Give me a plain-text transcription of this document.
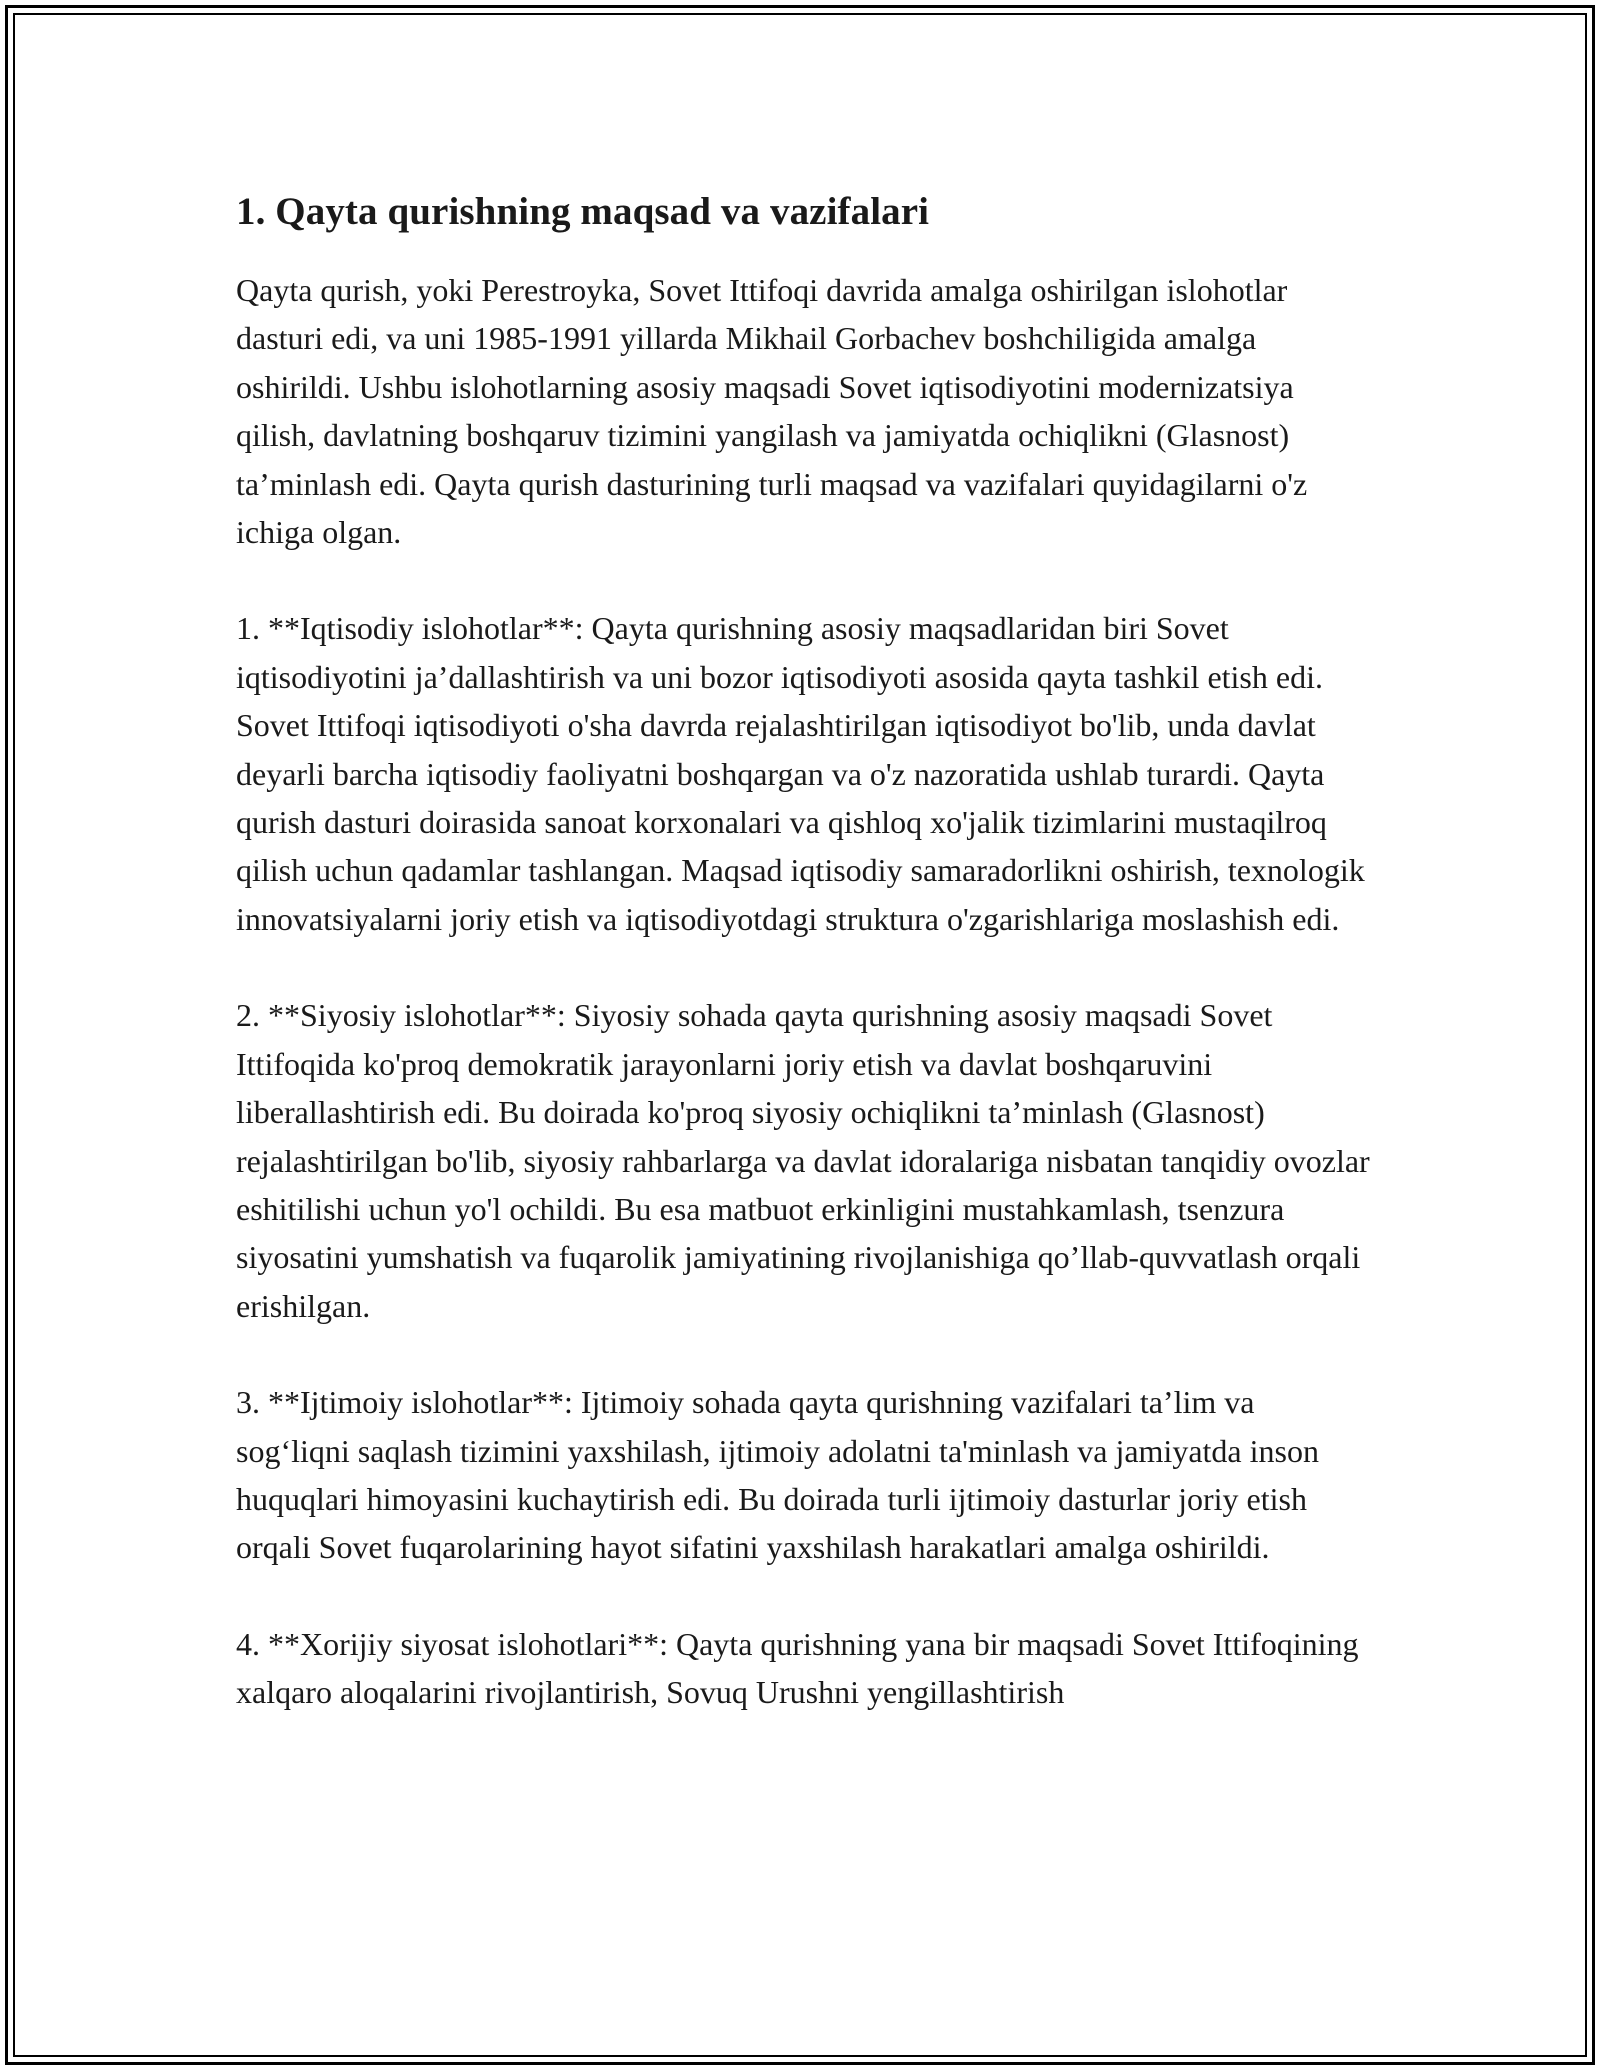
1. Qayta qurishning maqsad va vazifalari

Qayta qurish, yoki Perestroyka, Sovet Ittifoqi davrida amalga oshirilgan islohotlar dasturi edi, va uni 1985-1991 yillarda Mikhail Gorbachev boshchiligida amalga oshirildi. Ushbu islohotlarning asosiy maqsadi Sovet iqtisodiyotini modernizatsiya qilish, davlatning boshqaruv tizimini yangilash va jamiyatda ochiqlikni (Glasnost) ta’minlash edi. Qayta qurish dasturining turli maqsad va vazifalari quyidagilarni o'z ichiga olgan.

1. **Iqtisodiy islohotlar**: Qayta qurishning asosiy maqsadlaridan biri Sovet iqtisodiyotini ja’dallashtirish va uni bozor iqtisodiyoti asosida qayta tashkil etish edi. Sovet Ittifoqi iqtisodiyoti o'sha davrda rejalashtirilgan iqtisodiyot bo'lib, unda davlat deyarli barcha iqtisodiy faoliyatni boshqargan va o'z nazoratida ushlab turardi. Qayta qurish dasturi doirasida sanoat korxonalari va qishloq xo'jalik tizimlarini mustaqilroq qilish uchun qadamlar tashlangan. Maqsad iqtisodiy samaradorlikni oshirish, texnologik innovatsiyalarni joriy etish va iqtisodiyotdagi struktura o'zgarishlariga moslashish edi.

2. **Siyosiy islohotlar**: Siyosiy sohada qayta qurishning asosiy maqsadi Sovet Ittifoqida ko'proq demokratik jarayonlarni joriy etish va davlat boshqaruvini liberallashtirish edi. Bu doirada ko'proq siyosiy ochiqlikni ta’minlash (Glasnost) rejalashtirilgan bo'lib, siyosiy rahbarlarga va davlat idoralariga nisbatan tanqidiy ovozlar eshitilishi uchun yo'l ochildi. Bu esa matbuot erkinligini mustahkamlash, tsenzura siyosatini yumshatish va fuqarolik jamiyatining rivojlanishiga qo’llab-quvvatlash orqali erishilgan.

3. **Ijtimoiy islohotlar**: Ijtimoiy sohada qayta qurishning vazifalari ta’lim va sog‘liqni saqlash tizimini yaxshilash, ijtimoiy adolatni ta'minlash va jamiyatda inson huquqlari himoyasini kuchaytirish edi. Bu doirada turli ijtimoiy dasturlar joriy etish orqali Sovet fuqarolarining hayot sifatini yaxshilash harakatlari amalga oshirildi.

4. **Xorijiy siyosat islohotlari**: Qayta qurishning yana bir maqsadi Sovet Ittifoqining xalqaro aloqalarini rivojlantirish, Sovuq Urushni yengillashtirish
